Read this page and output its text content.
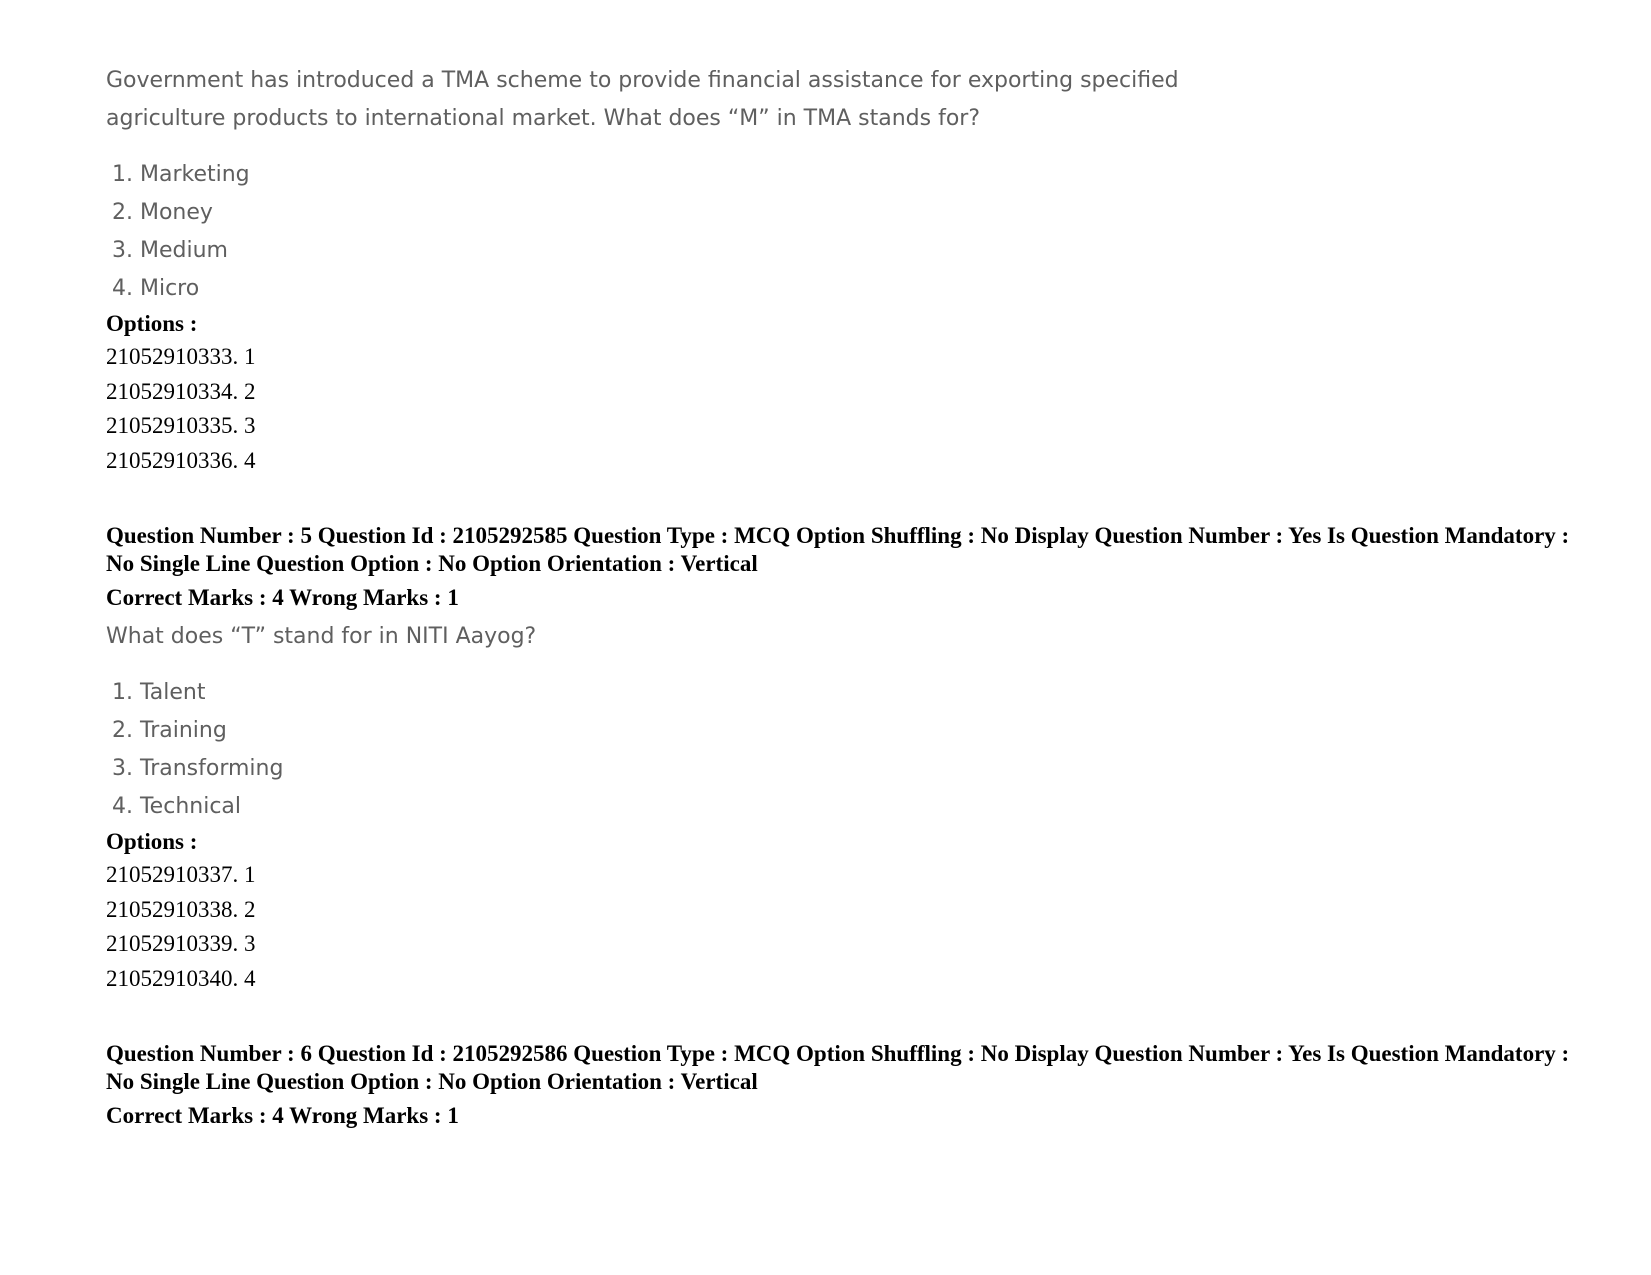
Government has introduced a TMA scheme to provide financial assistance for exporting specified agriculture products to international market. What does “M” in TMA stands for?

1. Marketing
2. Money
3. Medium
4. Micro
Options :
21052910333. 1
21052910334. 2
21052910335. 3
21052910336. 4
Question Number : 5 Question Id : 2105292585 Question Type : MCQ Option Shuffling : No Display Question Number : Yes Is Question Mandatory : No Single Line Question Option : No Option Orientation : Vertical
Correct Marks : 4 Wrong Marks : 1

What does “T” stand for in NITI Aayog?

1. Talent
2. Training
3. Transforming
4. Technical
Options :
21052910337. 1
21052910338. 2
21052910339. 3
21052910340. 4
Question Number : 6 Question Id : 2105292586 Question Type : MCQ Option Shuffling : No Display Question Number : Yes Is Question Mandatory : No Single Line Question Option : No Option Orientation : Vertical
Correct Marks : 4 Wrong Marks : 1
